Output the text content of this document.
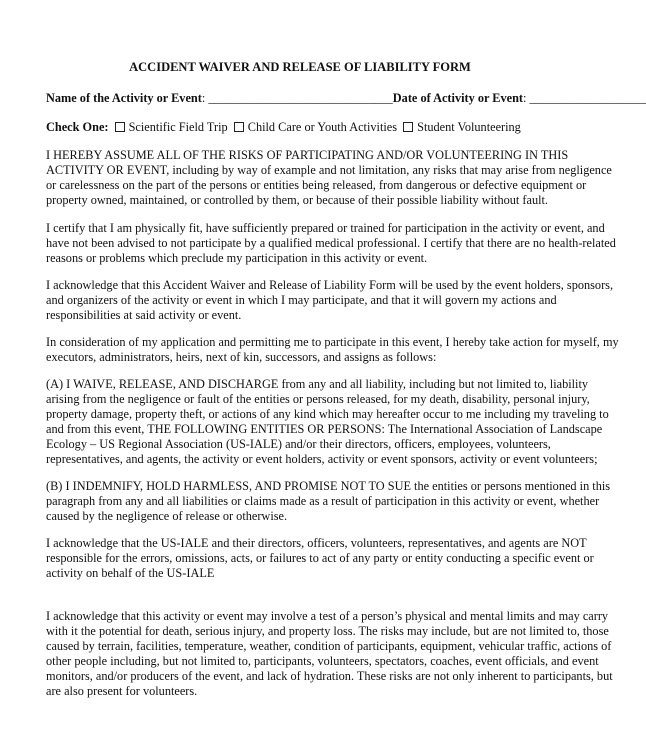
ACCIDENT WAIVER AND RELEASE OF LIABILITY FORM
Name of the Activity or Event: ______________________________Date of Activity or Event: ___________________
Check One: Scientific Field Trip Child Care or Youth Activities Student Volunteering
I HEREBY ASSUME ALL OF THE RISKS OF PARTICIPATING AND/OR VOLUNTEERING IN THIS
ACTIVITY OR EVENT, including by way of example and not limitation, any risks that may arise from negligence
or carelessness on the part of the persons or entities being released, from dangerous or defective equipment or
property owned, maintained, or controlled by them, or because of their possible liability without fault.
I certify that I am physically fit, have sufficiently prepared or trained for participation in the activity or event, and
have not been advised to not participate by a qualified medical professional. I certify that there are no health-related
reasons or problems which preclude my participation in this activity or event.
I acknowledge that this Accident Waiver and Release of Liability Form will be used by the event holders, sponsors,
and organizers of the activity or event in which I may participate, and that it will govern my actions and
responsibilities at said activity or event.
In consideration of my application and permitting me to participate in this event, I hereby take action for myself, my
executors, administrators, heirs, next of kin, successors, and assigns as follows:
(A) I WAIVE, RELEASE, AND DISCHARGE from any and all liability, including but not limited to, liability
arising from the negligence or fault of the entities or persons released, for my death, disability, personal injury,
property damage, property theft, or actions of any kind which may hereafter occur to me including my traveling to
and from this event, THE FOLLOWING ENTITIES OR PERSONS: The International Association of Landscape
Ecology – US Regional Association (US-IALE) and/or their directors, officers, employees, volunteers,
representatives, and agents, the activity or event holders, activity or event sponsors, activity or event volunteers;
(B) I INDEMNIFY, HOLD HARMLESS, AND PROMISE NOT TO SUE the entities or persons mentioned in this
paragraph from any and all liabilities or claims made as a result of participation in this activity or event, whether
caused by the negligence of release or otherwise.
I acknowledge that the US-IALE and their directors, officers, volunteers, representatives, and agents are NOT
responsible for the errors, omissions, acts, or failures to act of any party or entity conducting a specific event or
activity on behalf of the US-IALE
I acknowledge that this activity or event may involve a test of a person’s physical and mental limits and may carry
with it the potential for death, serious injury, and property loss. The risks may include, but are not limited to, those
caused by terrain, facilities, temperature, weather, condition of participants, equipment, vehicular traffic, actions of
other people including, but not limited to, participants, volunteers, spectators, coaches, event officials, and event
monitors, and/or producers of the event, and lack of hydration. These risks are not only inherent to participants, but
are also present for volunteers.
